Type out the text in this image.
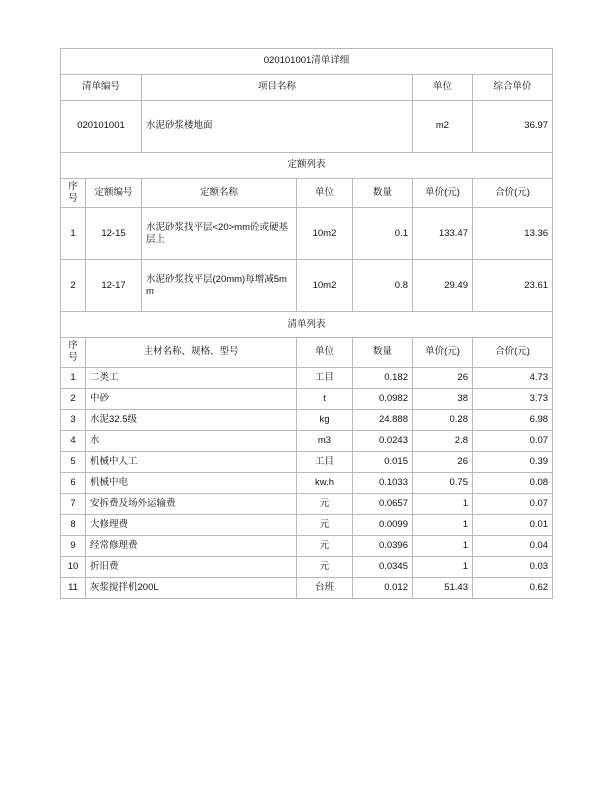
020101001清单详细						
清单编号		项目名称			单位	综合单价
020101001		水泥砂浆楼地面			m2	36.97
定额列表						
序号	定额编号	定额名称	单位	数量	单价(元)	合价(元)
1	12-15	水泥砂浆找平层<20>mm砼或硬基层上	10m2	0.1	133.47	13.36
2	12-17	水泥砂浆找平层(20mm)每增减5mm	10m2	0.8	29.49	23.61
清单列表						
序号	主材名称、规格、型号		单位	数量	单价(元)	合价(元)
1	二类工		工目	0.182	26	4.73
2	中砂		t	0.0982	38	3.73
3	水泥32.5级		kg	24.888	0.28	6.98
4	水		m3	0.0243	2.8	0.07
5	机械中人工		工目	0.015	26	0.39
6	机械中电		kw.h	0.1033	0.75	0.08
7	安拆费及场外运输费		元	0.0657	1	0.07
8	大修理费		元	0.0099	1	0.01
9	经常修理费		元	0.0396	1	0.04
10	折旧费		元	0.0345	1	0.03
11	灰浆搅拌机200L		台班	0.012	51.43	0.62
